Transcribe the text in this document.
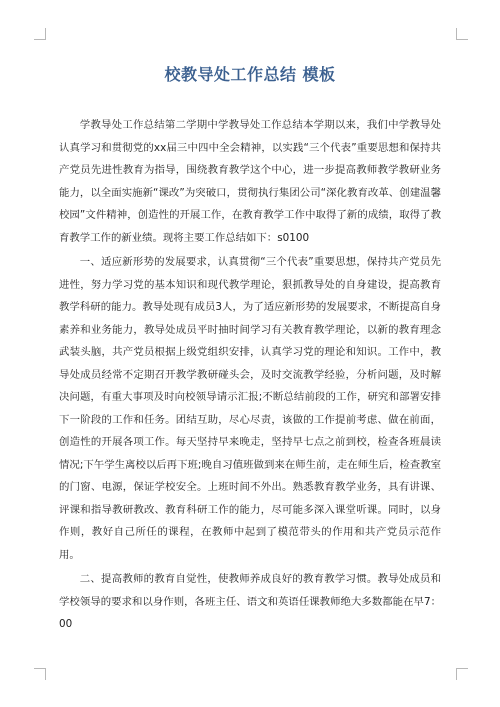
校教导处工作总结 模板

学教导处工作总结第二学期中学教导处工作总结本学期以来，我们中学教导处认真学习和贯彻党的xx届三中四中全会精神，以实践“三个代表”重要思想和保持共产党员先进性教育为指导，围绕教育教学这个中心，进一步提高教师教学教研业务能力，以全面实施新“课改”为突破口，贯彻执行集团公司“深化教育改革、创建温馨校园”文件精神，创造性的开展工作，在教育教学工作中取得了新的成绩，取得了教育教学工作的新业绩。现将主要工作总结如下：s0100

一、适应新形势的发展要求，认真贯彻“三个代表”重要思想，保持共产党员先进性，努力学习党的基本知识和现代教学理论，狠抓教导处的自身建设，提高教育教学科研的能力。教导处现有成员3人，为了适应新形势的发展要求，不断提高自身素养和业务能力，教导处成员平时抽时间学习有关教育教学理论，以新的教育理念武装头脑，共产党员根据上级党组织安排，认真学习党的理论和知识。工作中，教导处成员经常不定期召开教学教研碰头会，及时交流教学经验，分析问题，及时解决问题，有重大事项及时向校领导请示汇报;不断总结前段的工作，研究和部署安排下一阶段的工作和任务。团结互助，尽心尽责，该做的工作提前考虑、做在前面，创造性的开展各项工作。每天坚持早来晚走，坚持早七点之前到校，检查各班晨读情况;下午学生离校以后再下班;晚自习值班做到来在师生前，走在师生后，检查教室的门窗、电源，保证学校安全。上班时间不外出。熟悉教育教学业务，具有讲课、评课和指导教研教改、教育科研工作的能力，尽可能多深入课堂听课。同时，以身作则，教好自己所任的课程，在教师中起到了模范带头的作用和共产党员示范作用。

二、提高教师的教育自觉性，使教师养成良好的教育教学习惯。教导处成员和学校领导的要求和以身作则，各班主任、语文和英语任课教师绝大多数都能在早7：00
